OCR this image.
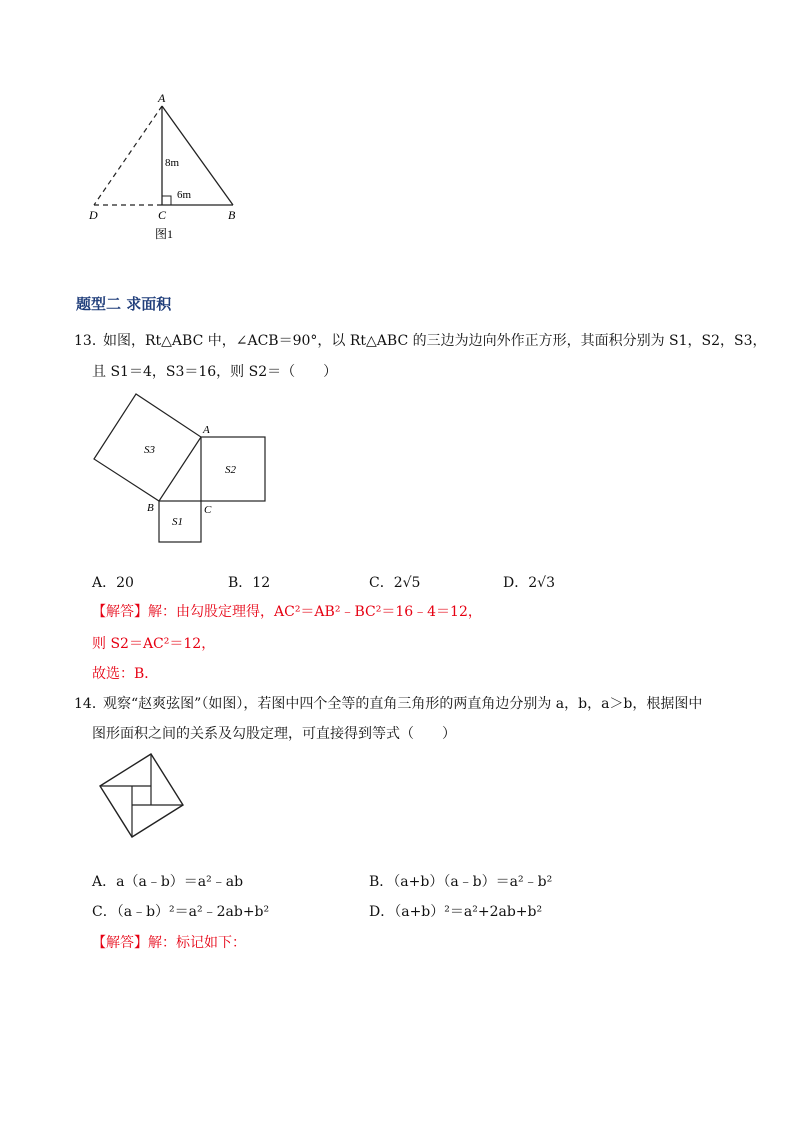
A
D	C	B
8m
6m
图1
题型二 求面积
13．
如图，Rt△ABC 中，∠ACB＝90°，以 Rt△ABC 的三边为边向外作正方形，其面积分别为 S1，S2，S3，
且 S1＝4，S3＝16，则 S2＝（　　）
A
B	C
S1
S2
S3
A．20	B．12	C．2√5	D．2√3
【解答】解：由勾股定理得，AC²＝AB²﹣BC²＝16﹣4＝12，
则 S2＝AC²＝12，
故选：B．
14．
观察“赵爽弦图”（如图），若图中四个全等的直角三角形的两直角边分别为 a，b，a＞b，根据图中
图形面积之间的关系及勾股定理，可直接得到等式（　　）
A．a（a﹣b）＝a²﹣ab	B．（a+b）（a﹣b）＝a²﹣b²
C．（a﹣b）²＝a²﹣2ab+b²	D．（a+b）²＝a²+2ab+b²
【解答】解：标记如下：
